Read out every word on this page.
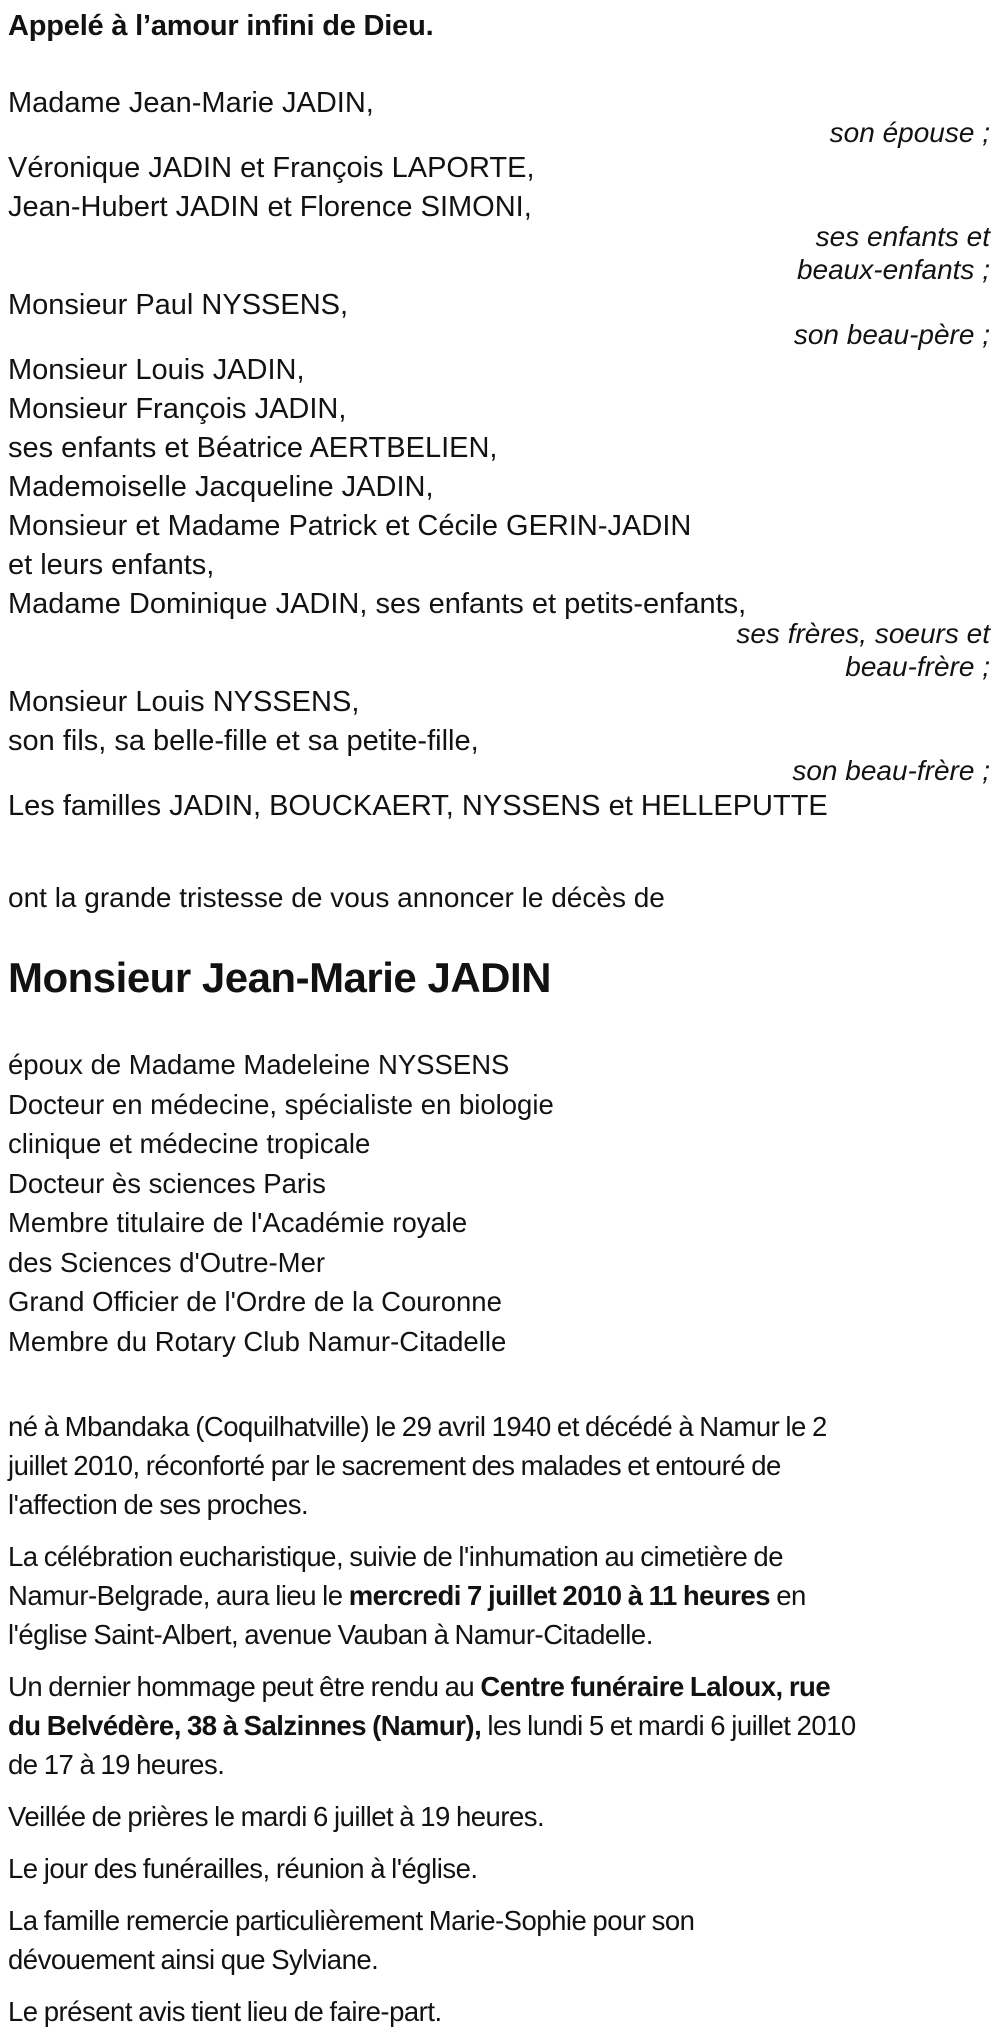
Appelé à l’amour infini de Dieu.
Madame Jean-Marie JADIN,
son épouse ;
Véronique JADIN et François LAPORTE,
Jean-Hubert JADIN et Florence SIMONI,
ses enfants et
beaux-enfants ;
Monsieur Paul NYSSENS,
son beau-père ;
Monsieur Louis JADIN,
Monsieur François JADIN,
ses enfants et Béatrice AERTBELIEN,
Mademoiselle Jacqueline JADIN,
Monsieur et Madame Patrick et Cécile GERIN-JADIN
et leurs enfants,
Madame Dominique JADIN, ses enfants et petits-enfants,
ses frères, soeurs et
beau-frère ;
Monsieur Louis NYSSENS,
son fils, sa belle-fille et sa petite-fille,
son beau-frère ;
Les familles JADIN, BOUCKAERT, NYSSENS et HELLEPUTTE

ont la grande tristesse de vous annoncer le décès de

Monsieur Jean-Marie JADIN
époux de Madame Madeleine NYSSENS
Docteur en médecine, spécialiste en biologie
clinique et médecine tropicale
Docteur ès sciences Paris
Membre titulaire de l'Académie royale
des Sciences d'Outre-Mer
Grand Officier de l'Ordre de la Couronne
Membre du Rotary Club Namur-Citadelle
né à Mbandaka (Coquilhatville) le 29 avril 1940 et décédé à Namur le 2
juillet 2010, réconforté par le sacrement des malades et entouré de
l'affection de ses proches.
La célébration eucharistique, suivie de l'inhumation au cimetière de
Namur-Belgrade, aura lieu le mercredi 7 juillet 2010 à 11 heures en
l'église Saint-Albert, avenue Vauban à Namur-Citadelle.
Un dernier hommage peut être rendu au Centre funéraire Laloux, rue
du Belvédère, 38 à Salzinnes (Namur), les lundi 5 et mardi 6 juillet 2010
de 17 à 19 heures.
Veillée de prières le mardi 6 juillet à 19 heures.
Le jour des funérailles, réunion à l'église.
La famille remercie particulièrement Marie-Sophie pour son
dévouement ainsi que Sylviane.
Le présent avis tient lieu de faire-part.
